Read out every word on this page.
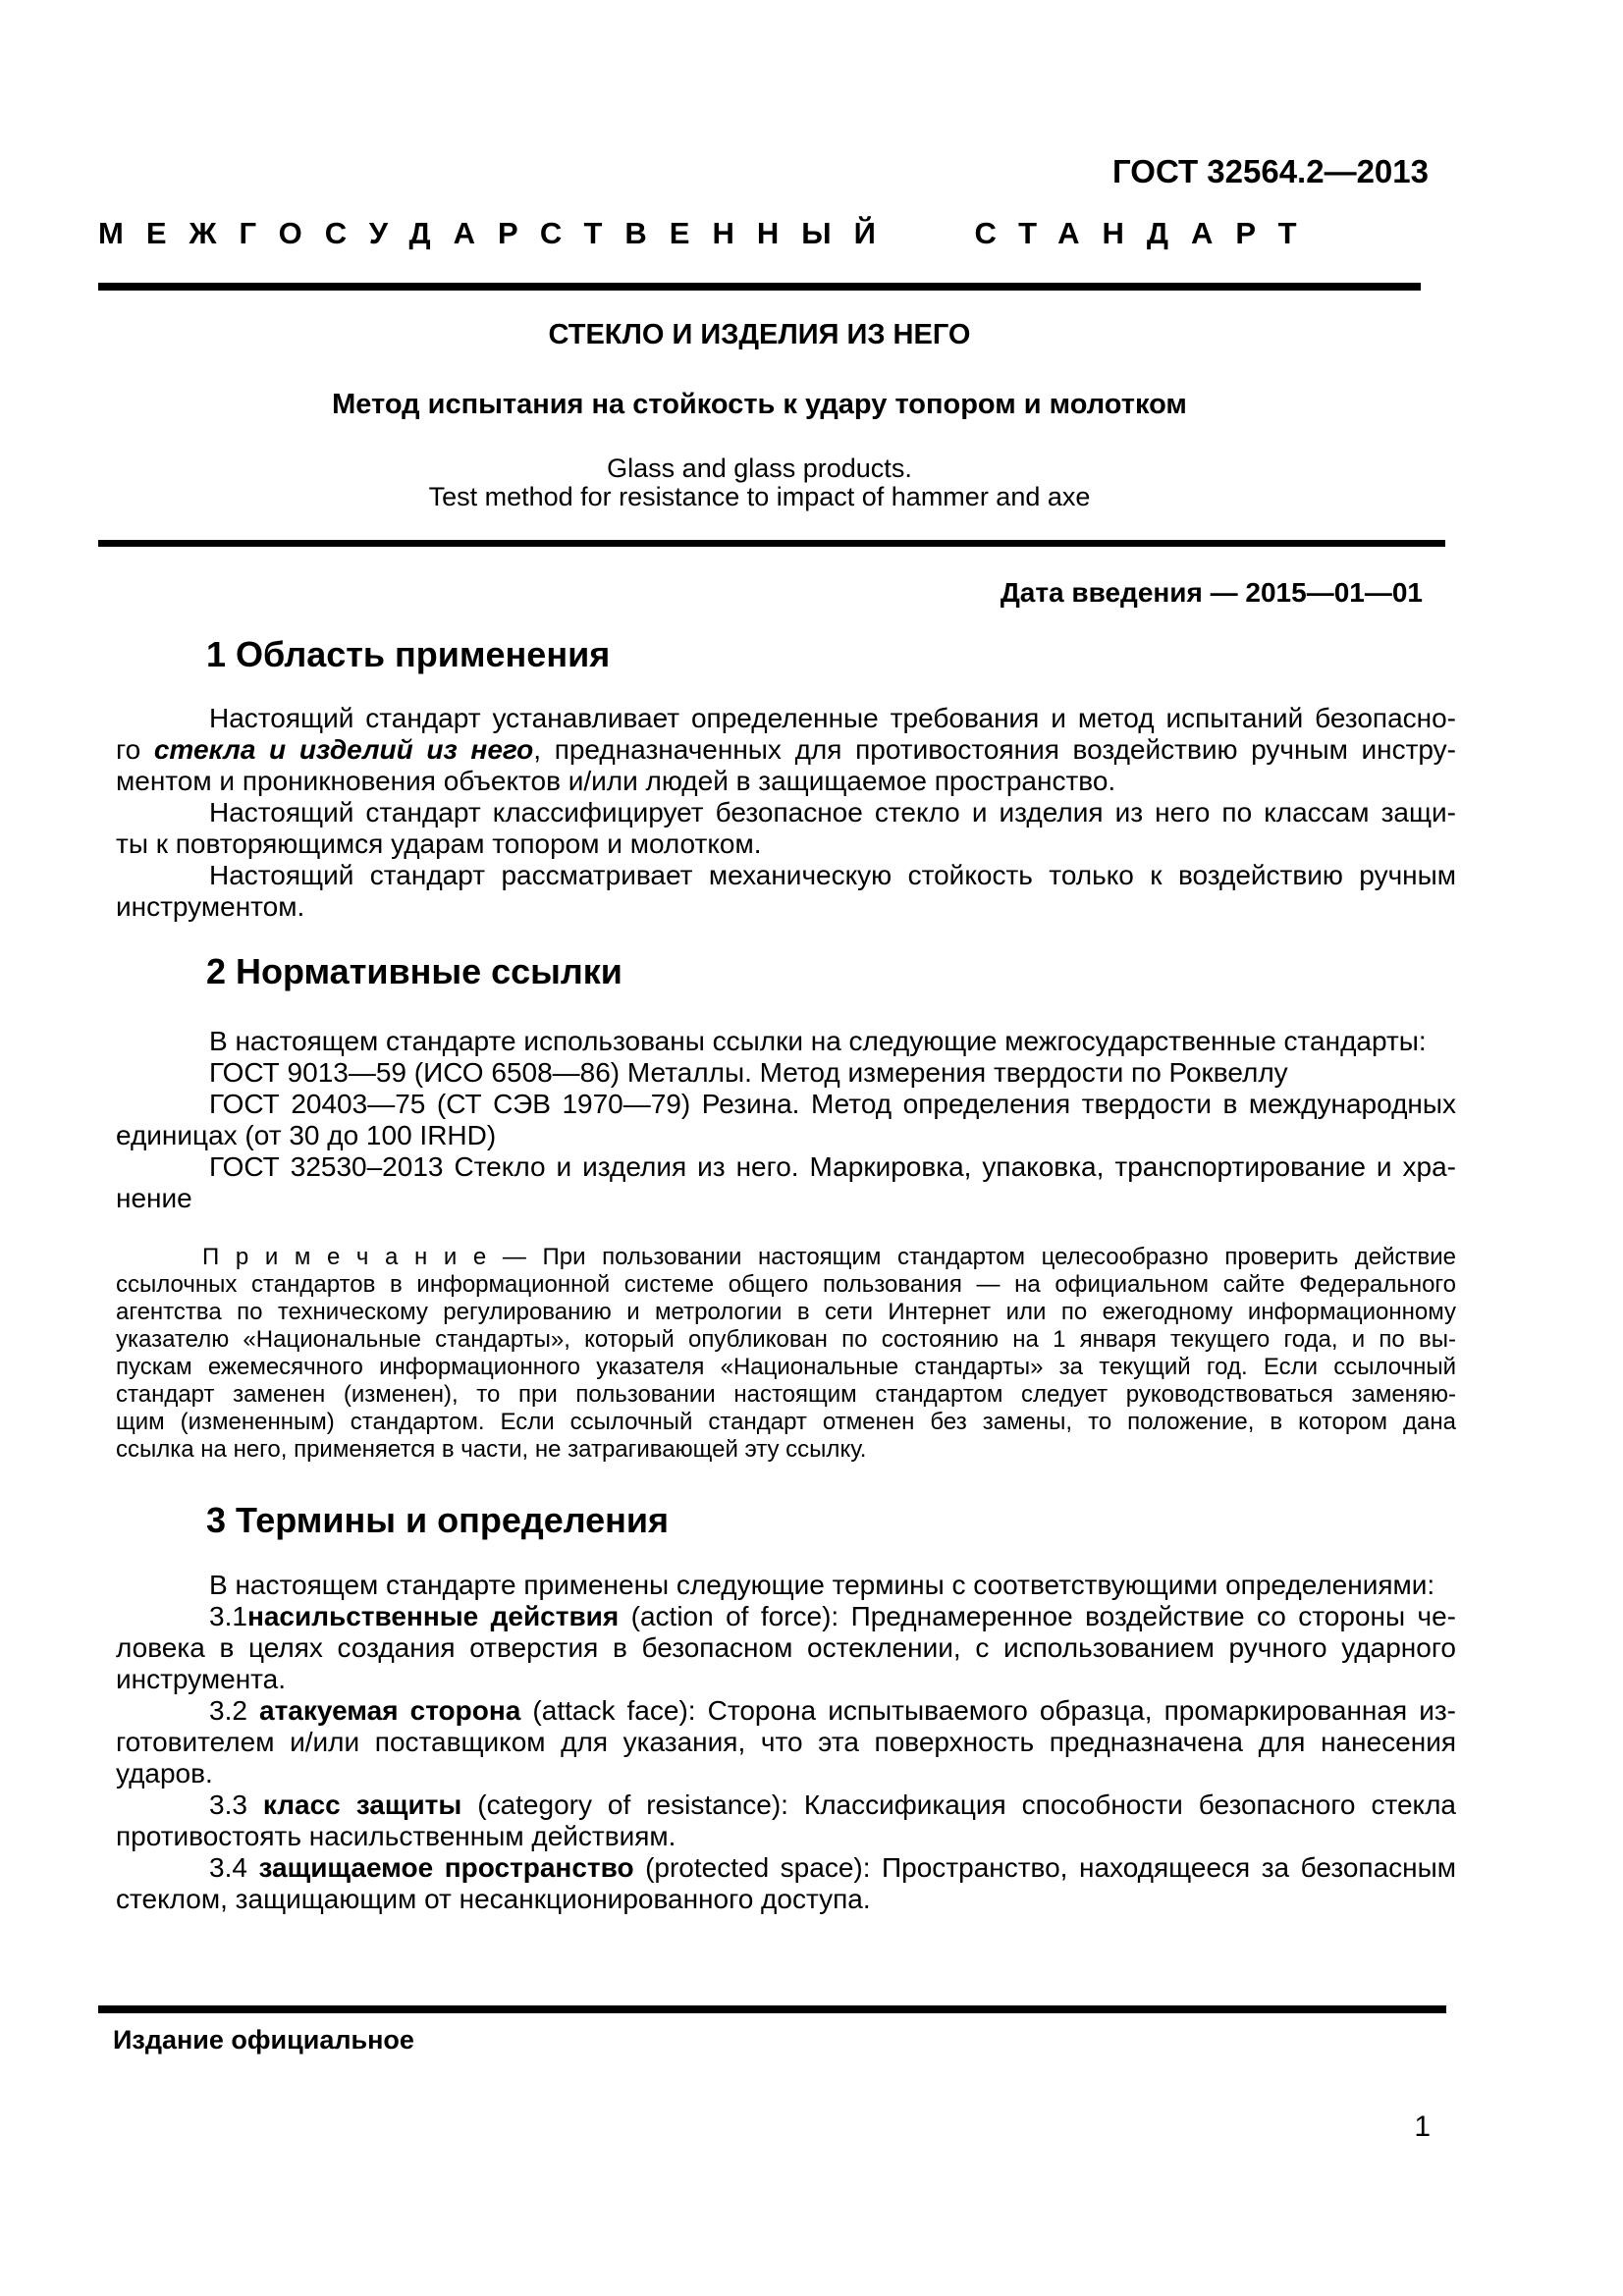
ГОСТ 32564.2—2013
МЕЖГОСУДАРСТВЕННЫЙ СТАНДАРТ
СТЕКЛО И ИЗДЕЛИЯ ИЗ НЕГО
Метод испытания на стойкость к удару топором и молотком
Glass and glass products.
Test method for resistance to impact of hammer and axe
Дата введения — 2015—01—01
1 Область применения
Настоящий стандарт устанавливает определенные требования и метод испытаний безопасно-
го стекла и изделий из него, предназначенных для противостояния воздействию ручным инстру-
ментом и проникновения объектов и/или людей в защищаемое пространство.
Настоящий стандарт классифицирует безопасное стекло и изделия из него по классам защи-
ты к повторяющимся ударам топором и молотком.
Настоящий стандарт рассматривает механическую стойкость только к воздействию ручным
инструментом.
2 Нормативные ссылки
В настоящем стандарте использованы ссылки на следующие межгосударственные стандарты:
ГОСТ 9013—59 (ИСО 6508—86) Металлы. Метод измерения твердости по Роквеллу
ГОСТ 20403—75 (СТ СЭВ 1970—79) Резина. Метод определения твердости в международных
единицах (от 30 до 100 IRHD)
ГОСТ 32530–2013 Стекло и изделия из него. Маркировка, упаковка, транспортирование и хра-
нение
П р и м е ч а н и е — При пользовании настоящим стандартом целесообразно проверить действие
ссылочных стандартов в информационной системе общего пользования — на официальном сайте Федерального
агентства по техническому регулированию и метрологии в сети Интернет или по ежегодному информационному
указателю «Национальные стандарты», который опубликован по состоянию на 1 января текущего года, и по вы-
пускам ежемесячного информационного указателя «Национальные стандарты» за текущий год. Если ссылочный
стандарт заменен (изменен), то при пользовании настоящим стандартом следует руководствоваться заменяю-
щим (измененным) стандартом. Если ссылочный стандарт отменен без замены, то положение, в котором дана
ссылка на него, применяется в части, не затрагивающей эту ссылку.
3 Термины и определения
В настоящем стандарте применены следующие термины с соответствующими определениями:
3.1насильственные действия (action of force): Преднамеренное воздействие со стороны че-
ловека в целях создания отверстия в безопасном остеклении, с использованием ручного ударного
инструмента.
3.2 атакуемая сторона (attack face): Сторона испытываемого образца, промаркированная из-
готовителем и/или поставщиком для указания, что эта поверхность предназначена для нанесения
ударов.
3.3 класс защиты (category of resistance): Классификация способности безопасного стекла
противостоять насильственным действиям.
3.4 защищаемое пространство (protected space): Пространство, находящееся за безопасным
стеклом, защищающим от несанкционированного доступа.
Издание официальное
1
